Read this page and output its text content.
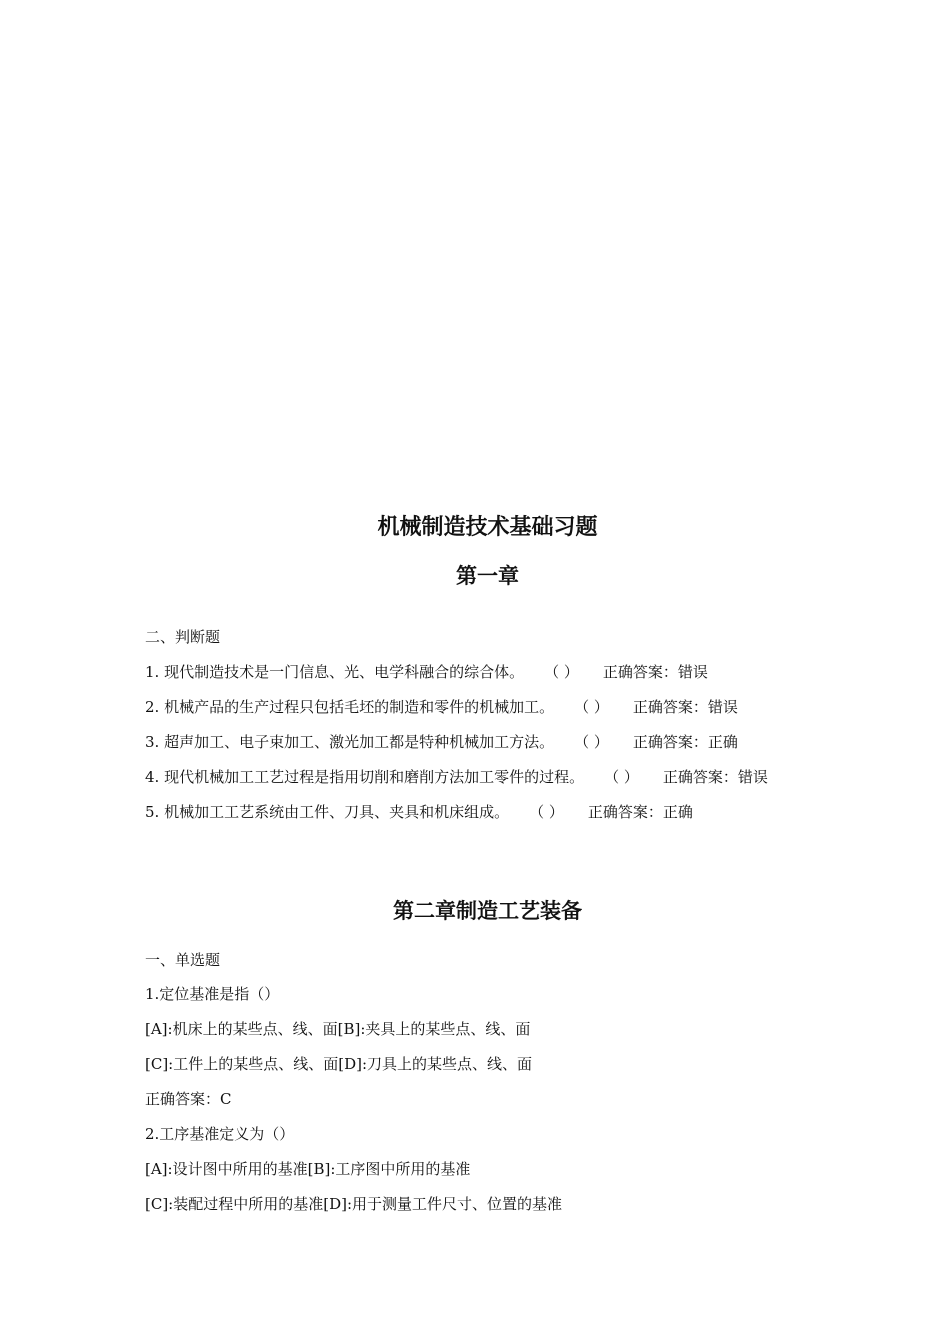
机械制造技术基础习题
第一章

二、判断题

1. 现代制造技术是一门信息、光、电学科融合的综合体。 （ ） 正确答案：错误

2. 机械产品的生产过程只包括毛坯的制造和零件的机械加工。 （ ） 正确答案：错误

3. 超声加工、电子束加工、激光加工都是特种机械加工方法。 （ ） 正确答案：正确

4. 现代机械加工工艺过程是指用切削和磨削方法加工零件的过程。 （ ） 正确答案：错误

5. 机械加工工艺系统由工件、刀具、夹具和机床组成。 （ ） 正确答案：正确

第二章制造工艺装备

一、单选题

1.定位基准是指（）

[A]:机床上的某些点、线、面[B]:夹具上的某些点、线、面

[C]:工件上的某些点、线、面[D]:刀具上的某些点、线、面

正确答案：C

2.工序基准定义为（）

[A]:设计图中所用的基准[B]:工序图中所用的基准

[C]:装配过程中所用的基准[D]:用于测量工件尺寸、位置的基准
